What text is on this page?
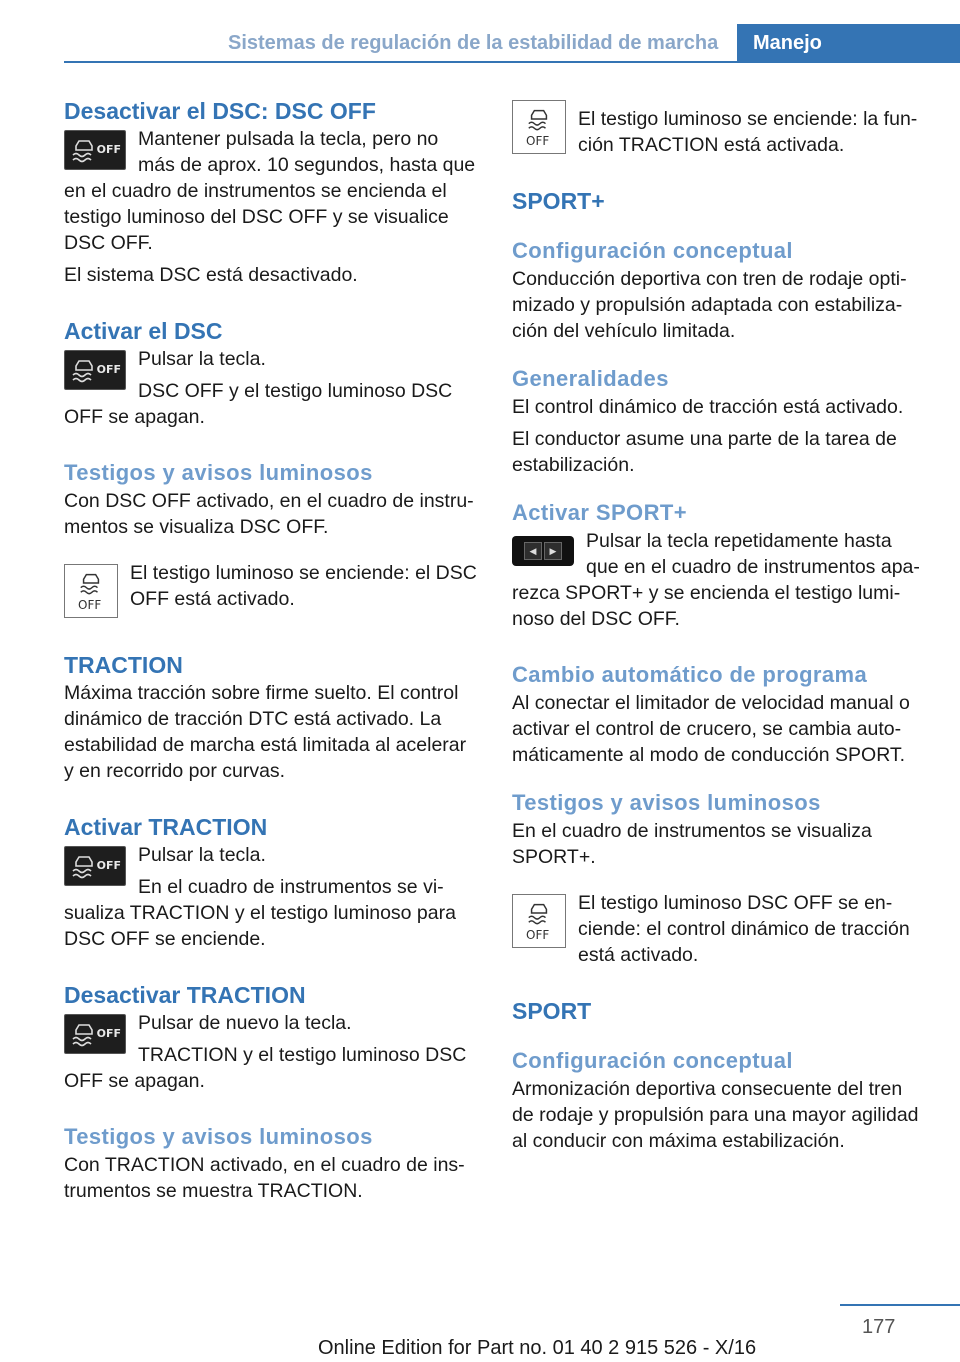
Sistemas de regulación de la estabilidad de marcha	Manejo
Desactivar el DSC: DSC OFF
OFF Mantener pulsada la tecla, pero no más de aprox. 10 segundos, hasta que en el cuadro de instrumentos se encienda el testigo luminoso del DSC OFF y se visualice DSC OFF.

El sistema DSC está desactivado.

Activar el DSC
OFF Pulsar la tecla.

DSC OFF y el testigo luminoso DSC OFF se apagan.

Testigos y avisos luminosos

Con DSC OFF activado, en el cuadro de instru-mentos se visualiza DSC OFF.

OFF

El testigo luminoso se enciende: el DSC OFF está activado.

TRACTION

Máxima tracción sobre firme suelto. El control dinámico de tracción DTC está activado. La estabilidad de marcha está limitada al acelerar y en recorrido por curvas.

Activar TRACTION
OFF Pulsar la tecla.

En el cuadro de instrumentos se vi-sualiza TRACTION y el testigo luminoso para DSC OFF se enciende.

Desactivar TRACTION
OFF Pulsar de nuevo la tecla.

TRACTION y el testigo luminoso DSC OFF se apagan.

Testigos y avisos luminosos

Con TRACTION activado, en el cuadro de ins-trumentos se muestra TRACTION.

OFF

El testigo luminoso se enciende: la fun-ción TRACTION está activada.

SPORT+
Configuración conceptual

Conducción deportiva con tren de rodaje opti-mizado y propulsión adaptada con estabiliza-ción del vehículo limitada.

Generalidades

El control dinámico de tracción está activado.

El conductor asume una parte de la tarea de estabilización.

Activar SPORT+
◀	▶	Pulsar la tecla repetidamente hasta que en el cuadro de instrumentos apa-rezca SPORT+ y se encienda el testigo lumi-noso del DSC OFF.

Cambio automático de programa

Al conectar el limitador de velocidad manual o activar el control de crucero, se cambia auto-máticamente al modo de conducción SPORT.

Testigos y avisos luminosos

En el cuadro de instrumentos se visualiza SPORT+.

OFF

El testigo luminoso DSC OFF se en-ciende: el control dinámico de tracción está activado.

SPORT
Configuración conceptual

Armonización deportiva consecuente del tren de rodaje y propulsión para una mayor agilidad al conducir con máxima estabilización.

177
Online Edition for Part no. 01 40 2 915 526 - X/16
